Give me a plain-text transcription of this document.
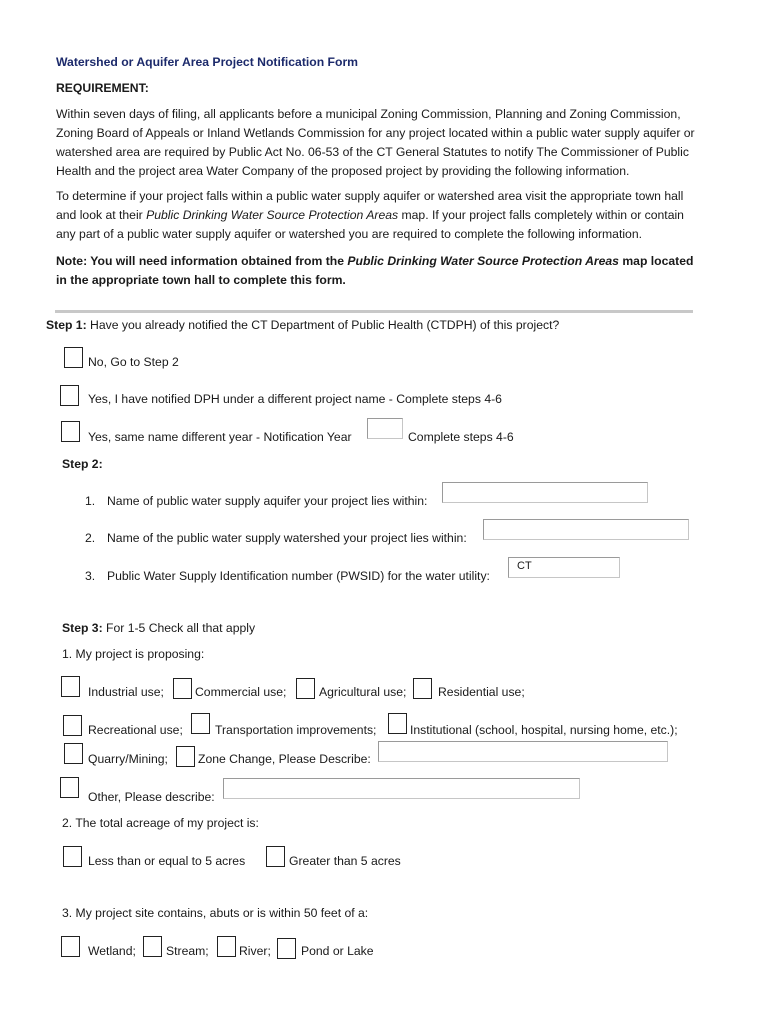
Watershed or Aquifer Area Project Notification Form
REQUIREMENT:
Within seven days of filing, all applicants before a municipal Zoning Commission, Planning and Zoning Commission,
Zoning Board of Appeals or Inland Wetlands Commission for any project located within a public water supply aquifer or
watershed area are required by Public Act No. 06-53 of the CT General Statutes to notify The Commissioner of Public
Health and the project area Water Company of the proposed project by providing the following information.
To determine if your project falls within a public water supply aquifer or watershed area visit the appropriate town hall
and look at their Public Drinking Water Source Protection Areas map. If your project falls completely within or contain
any part of a public water supply aquifer or watershed you are required to complete the following information.
Note: You will need information obtained from the Public Drinking Water Source Protection Areas map located
in the appropriate town hall to complete this form.
Step 1: Have you already notified the CT Department of Public Health (CTDPH) of this project?
No, Go to Step 2
Yes, I have notified DPH under a different project name - Complete steps 4-6
Yes, same name different year - Notification Year	Complete steps 4-6
Step 2:
1. Name of public water supply aquifer your project lies within:
2. Name of the public water supply watershed your project lies within:
3. Public Water Supply Identification number (PWSID) for the water utility:
CT
Step 3: For 1-5 Check all that apply
1. My project is proposing:
Industrial use;	Commercial use;	Agricultural use;	Residential use;
Recreational use;	Transportation improvements;	Institutional (school, hospital, nursing home, etc.);
Quarry/Mining; Zone Change, Please Describe:
Other, Please describe:
2. The total acreage of my project is:
Less than or equal to 5 acres	Greater than 5 acres
3. My project site contains, abuts or is within 50 feet of a:
Wetland; Stream; River; Pond or Lake
